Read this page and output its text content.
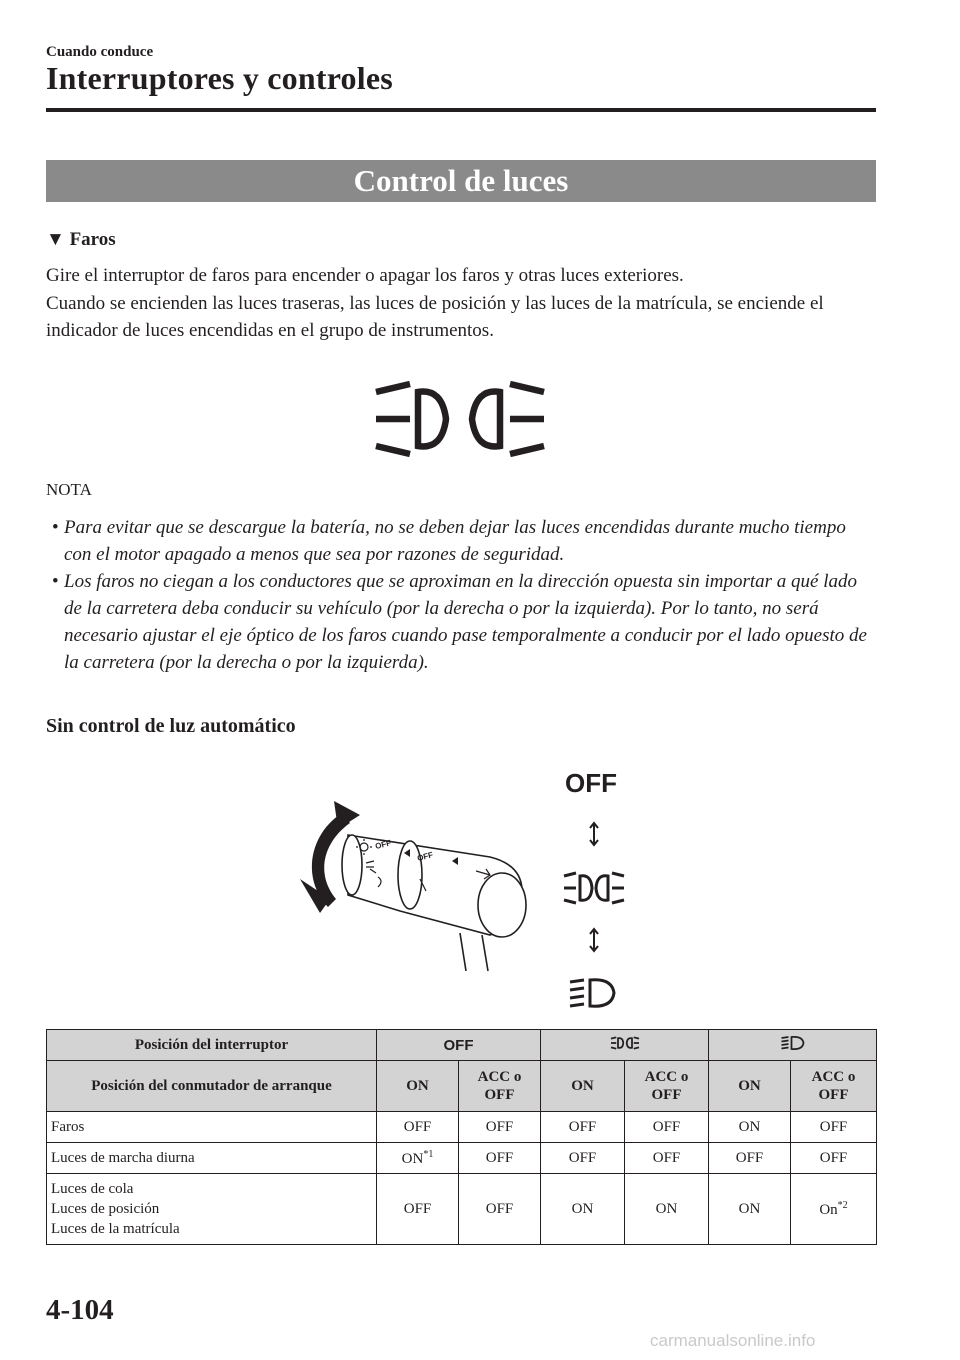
Cuando conduce
Interruptores y controles
Control de luces
▼ Faros

Gire el interruptor de faros para encender o apagar los faros y otras luces exteriores.

Cuando se encienden las luces traseras, las luces de posición y las luces de la matrícula, se enciende el indicador de luces encendidas en el grupo de instrumentos.

NOTA
• Para evitar que se descargue la batería, no se deben dejar las luces encendidas durante mucho tiempo con el motor apagado a menos que sea por razones de seguridad.
• Los faros no ciegan a los conductores que se aproximan en la dirección opuesta sin importar a qué lado de la carretera deba conducir su vehículo (por la derecha o por la izquierda). Por lo tanto, no será necesario ajustar el eje óptico de los faros cuando pase temporalmente a conducir por el lado opuesto de la carretera (por la derecha o por la izquierda).
Sin control de luz automático
OFF
OFF
OFF
Posición del interruptor	OFF		
Posición del conmutador de arranque	ON	ACC o OFF	ON	ACC o OFF	ON	ACC o OFF
Faros	OFF	OFF	OFF	OFF	ON	OFF
Luces de marcha diurna	ON$^{*1}$	OFF	OFF	OFF	OFF	OFF

Luces de cola
Luces de posición
Luces de la matrícula	OFF	OFF	ON	ON	ON	On$^{*2}$
4-104
carmanualsonline.info
